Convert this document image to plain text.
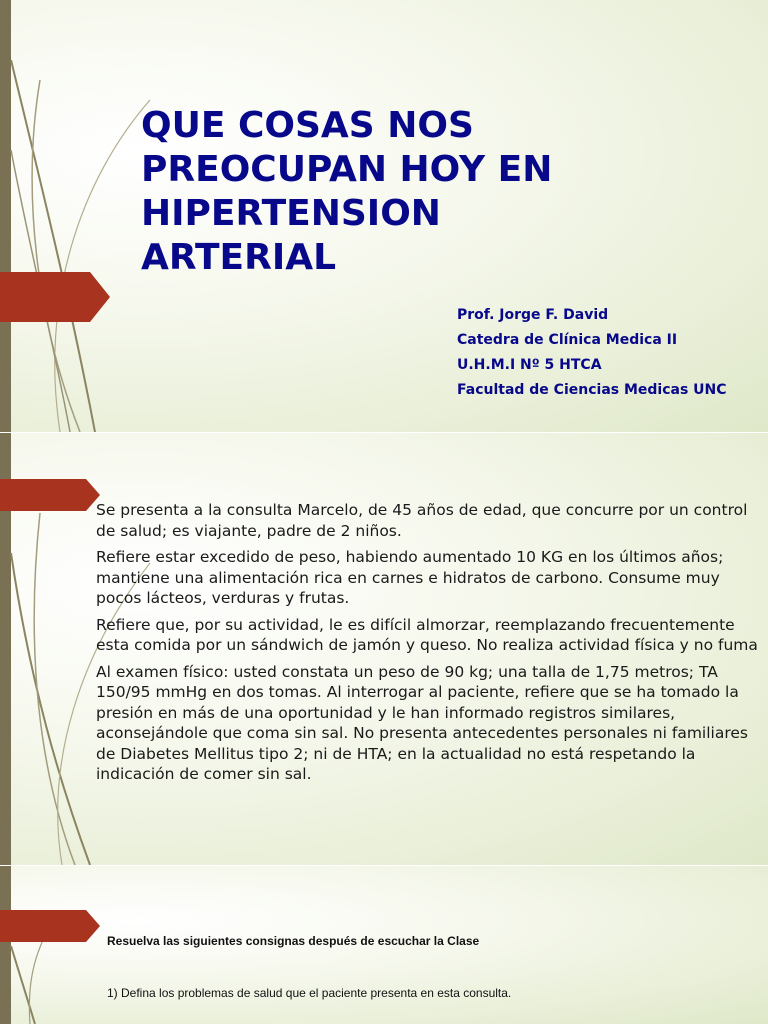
QUE COSAS NOS
PREOCUPAN HOY EN
HIPERTENSION
ARTERIAL
Prof. Jorge F. David
Catedra de Clínica Medica II
U.H.M.I Nº 5 HTCA
Facultad de Ciencias Medicas UNC

Se presenta a la consulta Marcelo, de 45 años de edad, que concurre por un control de salud; es viajante, padre de 2 niños.

Refiere estar excedido de peso, habiendo aumentado 10 KG en los últimos años; mantiene una alimentación rica en carnes e hidratos de carbono. Consume muy pocos lácteos, verduras y frutas.

Refiere que, por su actividad, le es difícil almorzar, reemplazando frecuentemente esta comida por un sándwich de jamón y queso. No realiza actividad física y no fuma

Al examen físico: usted constata un peso de 90 kg; una talla de 1,75 metros; TA 150/95 mmHg en dos tomas. Al interrogar al paciente, refiere que se ha tomado la presión en más de una oportunidad y le han informado registros similares, aconsejándole que coma sin sal. No presenta antecedentes personales ni familiares de Diabetes Mellitus tipo 2; ni de HTA; en la actualidad no está respetando la indicación de comer sin sal.

Resuelva las siguientes consignas después de escuchar la Clase
1) Defina los problemas de salud que el paciente presenta en esta consulta.
